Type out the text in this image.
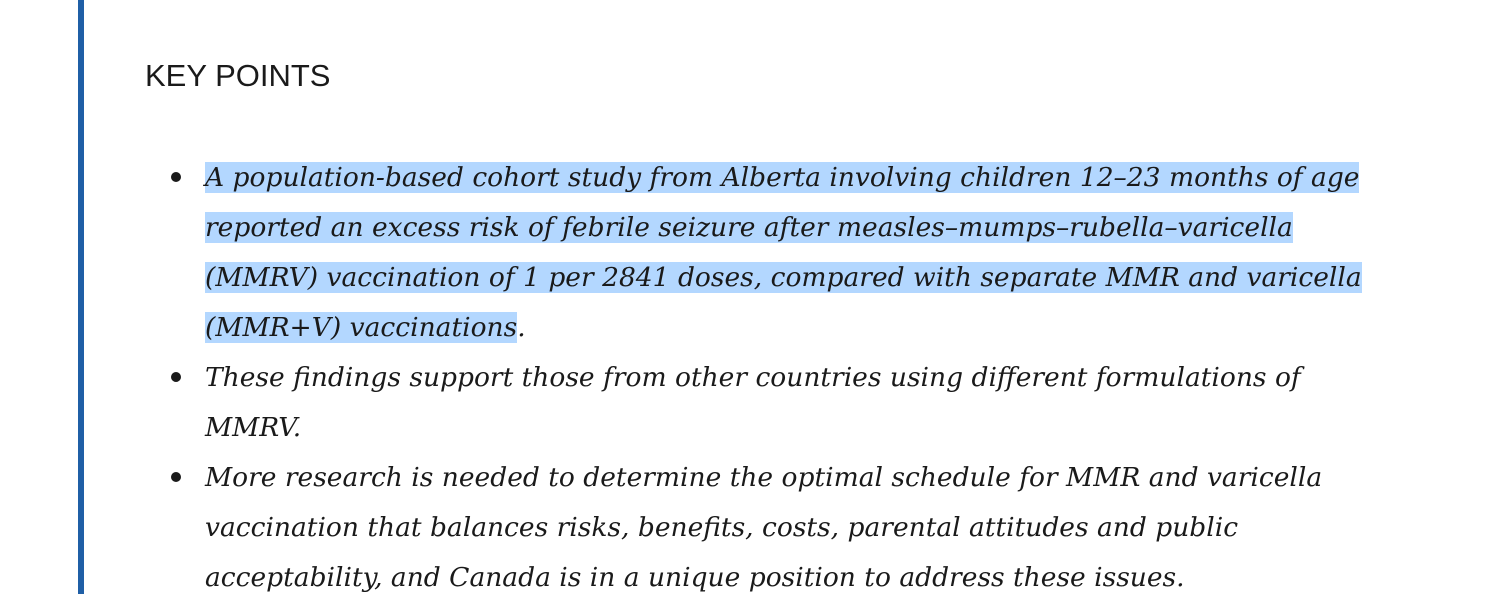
KEY POINTS
A population-based cohort study from Alberta involving children 12–23 months of age reported an excess risk of febrile seizure after measles–mumps–rubella–varicella (MMRV) vaccination of 1 per 2841 doses, compared with separate MMR and varicella (MMR+V) vaccinations.
These findings support those from other countries using different formulations of MMRV.
More research is needed to determine the optimal schedule for MMR and varicella vaccination that balances risks, benefits, costs, parental attitudes and public acceptability, and Canada is in a unique position to address these issues.
